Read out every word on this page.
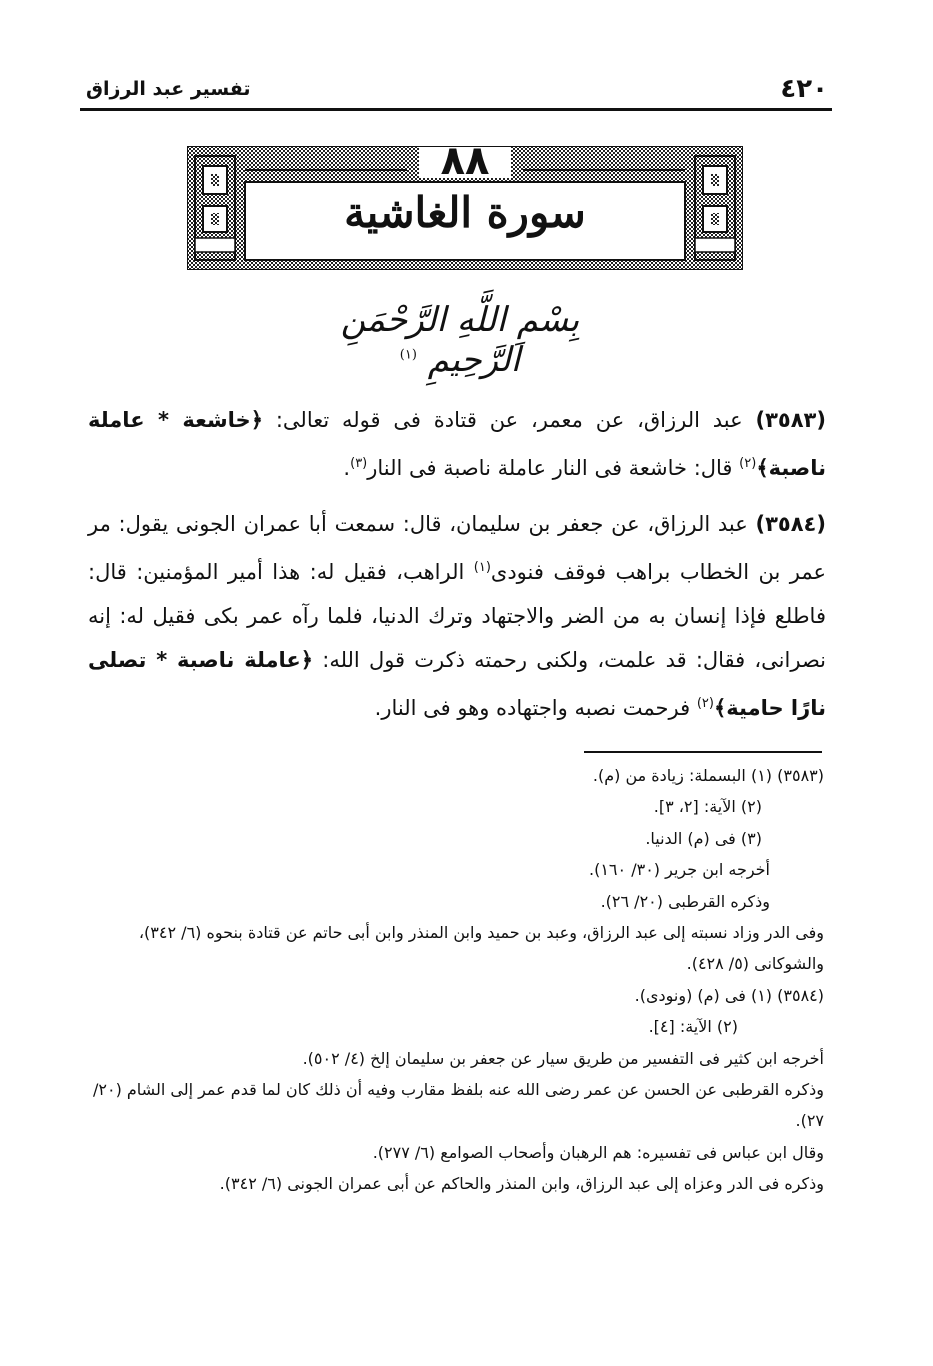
٤٢٠
تفسير عبد الرزاق
٨٨
سورة الغاشية
بِسْمِ اللَّهِ الرَّحْمَنِ الرَّحِيمِ $^{(١)}$

(٣٥٨٣) عبد الرزاق، عن معمر، عن قتادة فى قوله تعالى: ﴿خاشعة * عاملة ناصبة﴾$^{(٢)}$ قال: خاشعة فى النار عاملة ناصبة فى النار$^{(٣)}$.

(٣٥٨٤) عبد الرزاق، عن جعفر بن سليمان، قال: سمعت أبا عمران الجونى يقول: مر عمر بن الخطاب براهب فوقف فنودى$^{(١)}$ الراهب، فقيل له: هذا أمير المؤمنين: قال: فاطلع فإذا إنسان به من الضر والاجتهاد وترك الدنيا، فلما رآه عمر بكى فقيل له: إنه نصرانى، فقال: قد علمت، ولكنى رحمته ذكرت قول الله: ﴿عاملة ناصبة * تصلى نارًا حامية﴾$^{(٢)}$ فرحمت نصبه واجتهاده وهو فى النار.

(٣٥٨٣) (١) البسملة: زيادة من (م).

(٢) الآية: [٢، ٣].

(٣) فى (م) الدنيا.

أخرجه ابن جرير (٣٠/ ١٦٠).

وذكره القرطبى (٢٠/ ٢٦).

وفى الدر وزاد نسبته إلى عبد الرزاق، وعبد بن حميد وابن المنذر وابن أبى حاتم عن قتادة بنحوه (٦/ ٣٤٢)، والشوكانى (٥/ ٤٢٨).

(٣٥٨٤) (١) فى (م) (ونودى).

(٢) الآية: [٤].

أخرجه ابن كثير فى التفسير من طريق سيار عن جعفر بن سليمان إلخ (٤/ ٥٠٢).

وذكره القرطبى عن الحسن عن عمر رضى الله عنه بلفظ مقارب وفيه أن ذلك كان لما قدم عمر إلى الشام (٢٠/ ٢٧).

وقال ابن عباس فى تفسيره: هم الرهبان وأصحاب الصوامع (٦/ ٢٧٧).

وذكره فى الدر وعزاه إلى عبد الرزاق، وابن المنذر والحاكم عن أبى عمران الجونى (٦/ ٣٤٢).
